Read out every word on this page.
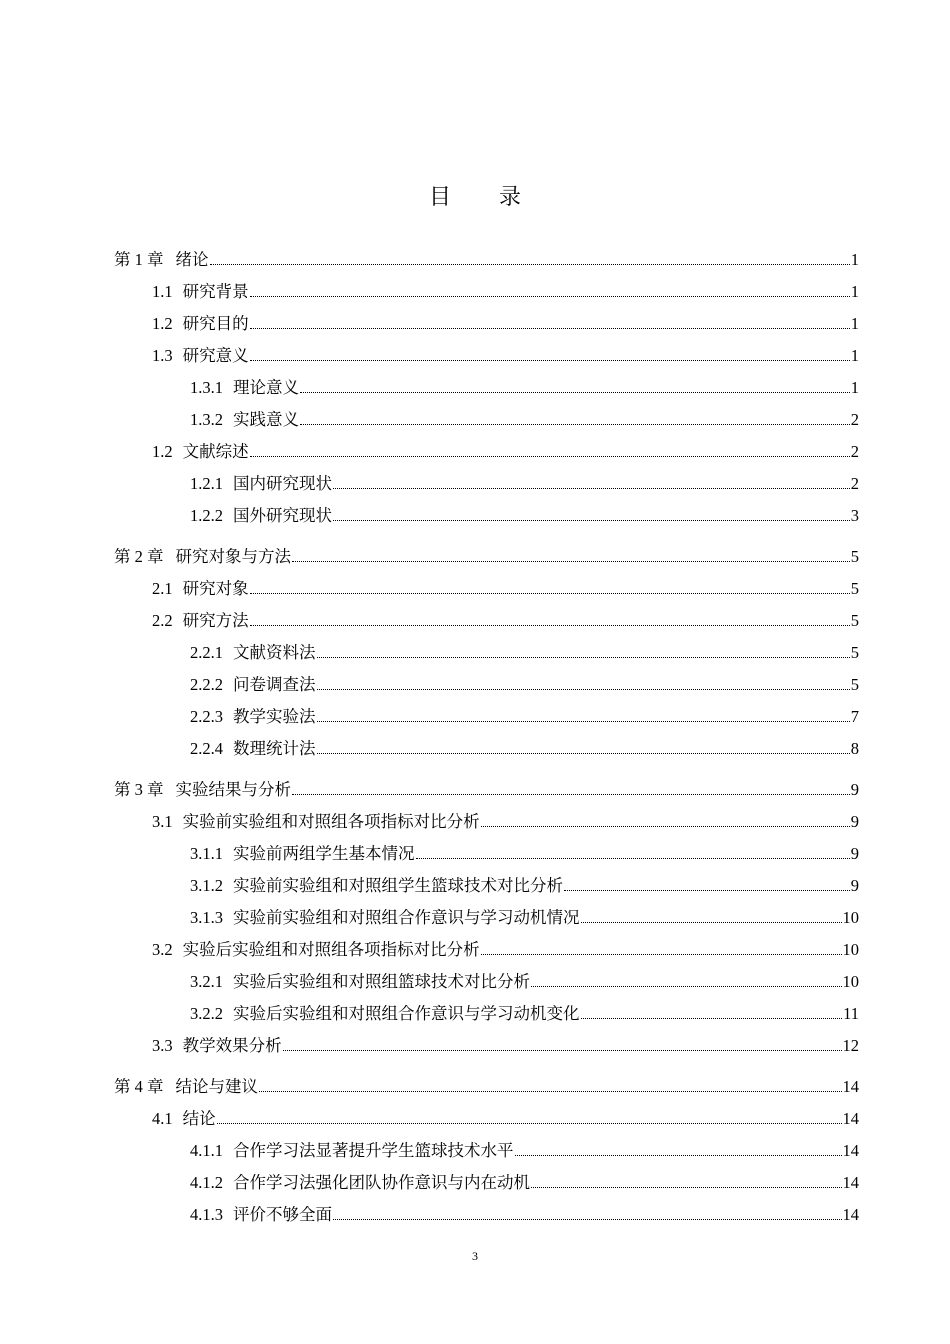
目 录
第 1 章 绪论	1
1.1 研究背景	1
1.2 研究目的	1
1.3 研究意义	1
1.3.1 理论意义	1
1.3.2 实践意义	2
1.2 文献综述	2
1.2.1 国内研究现状	2
1.2.2 国外研究现状	3
第 2 章 研究对象与方法	5
2.1 研究对象	5
2.2 研究方法	5
2.2.1 文献资料法	5
2.2.2 问卷调查法	5
2.2.3 教学实验法	7
2.2.4 数理统计法	8
第 3 章 实验结果与分析	9
3.1 实验前实验组和对照组各项指标对比分析	9
3.1.1 实验前两组学生基本情况	9
3.1.2 实验前实验组和对照组学生篮球技术对比分析	9
3.1.3 实验前实验组和对照组合作意识与学习动机情况	10
3.2 实验后实验组和对照组各项指标对比分析	10
3.2.1 实验后实验组和对照组篮球技术对比分析	10
3.2.2 实验后实验组和对照组合作意识与学习动机变化	11
3.3 教学效果分析	12
第 4 章 结论与建议	14
4.1 结论	14
4.1.1 合作学习法显著提升学生篮球技术水平	14
4.1.2 合作学习法强化团队协作意识与内在动机	14
4.1.3 评价不够全面	14
3
